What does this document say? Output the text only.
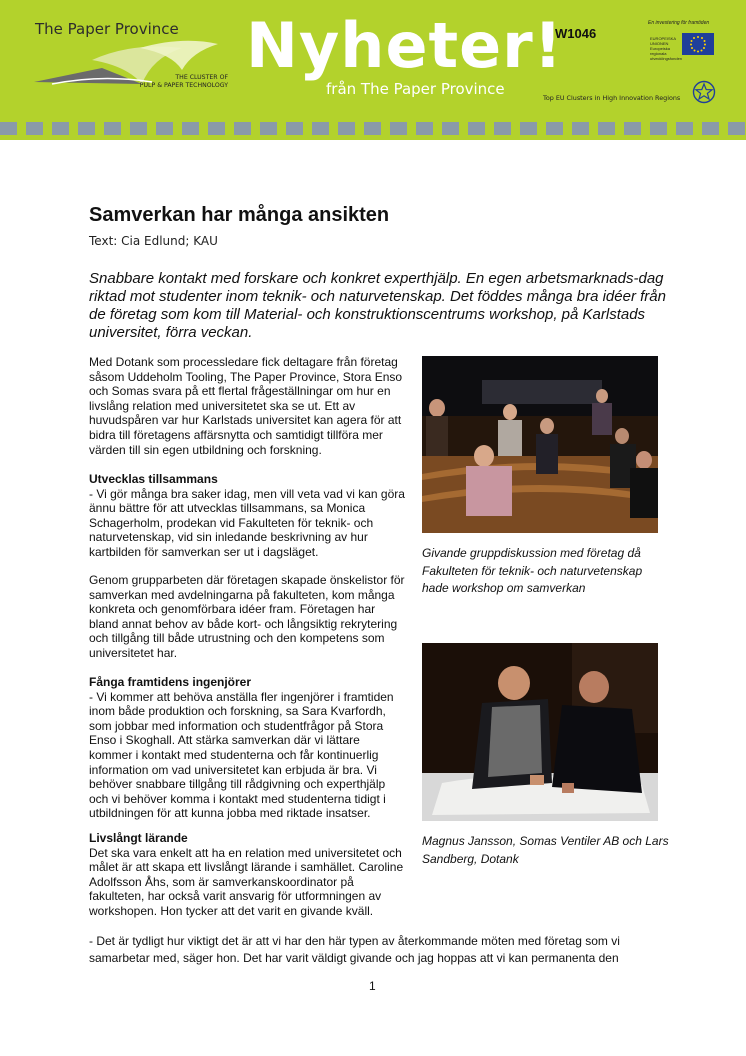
The Paper Province
THE CLUSTER OF
PULP & PAPER TECHNOLOGY
Nyheter!
från The Paper Province
W1046
En investering för framtiden
EUROPEISKA UNIONEN Europeiska regionala utvecklingsfonden
Top EU Clusters in High Innovation Regions
Samverkan har många ansikten
Text: Cia Edlund; KAU
Snabbare kontakt med forskare och konkret experthjälp. En egen arbetsmarknads-dag riktad mot studenter inom teknik- och naturvetenskap. Det föddes många bra idéer från de företag som kom till Material- och konstruktionscentrums workshop, på Karlstads universitet, förra veckan.
Med Dotank som processledare fick deltagare från företag såsom Uddeholm Tooling, The Paper Province, Stora Enso och Somas svara på ett flertal frågeställningar om hur en livslång relation med universitetet ska se ut. Ett av huvudspåren var hur Karlstads universitet kan agera för att bidra till företagens affärsnytta och samtidigt tillföra mer värden till sin egen utbildning och forskning.
Utvecklas tillsammans
- Vi gör många bra saker idag, men vill veta vad vi kan göra ännu bättre för att utvecklas tillsammans, sa Monica Schagerholm, prodekan vid Fakulteten för teknik- och naturvetenskap, vid sin inledande beskrivning av hur kartbilden för samverkan ser ut i dagsläget.
Genom grupparbeten där företagen skapade önskelistor för samverkan med avdelningarna på fakulteten, kom många konkreta och genomförbara idéer fram. Företagen har bland annat behov av både kort- och långsiktig rekrytering och tillgång till både utrustning och den kompetens som universitetet har.
Fånga framtidens ingenjörer
- Vi kommer att behöva anställa fler ingenjörer i framtiden inom både produktion och forskning, sa Sara Kvarfordh, som jobbar med information och studentfrågor på Stora Enso i Skoghall. Att stärka samverkan där vi lättare kommer i kontakt med studenterna och får kontinuerlig information om vad universitetet kan erbjuda är bra. Vi behöver snabbare tillgång till rådgivning och experthjälp och vi behöver komma i kontakt med studenterna tidigt i utbildningen för att kunna jobba med riktade insatser.
Livslångt lärande
Det ska vara enkelt att ha en relation med universitetet och målet är att skapa ett livslångt lärande i samhället. Caroline Adolfsson Åhs, som är samverkanskoordinator på fakulteten, har också varit ansvarig för utformningen av workshopen. Hon tycker att det varit en givande kväll.
Givande gruppdiskussion med företag då Fakulteten för teknik- och naturvetenskap hade workshop om samverkan
Magnus Jansson, Somas Ventiler AB och Lars Sandberg, Dotank
- Det är tydligt hur viktigt det är att vi har den här typen av återkommande möten med företag som vi samarbetar med, säger hon. Det har varit väldigt givande och jag hoppas att vi kan permanenta den
1
